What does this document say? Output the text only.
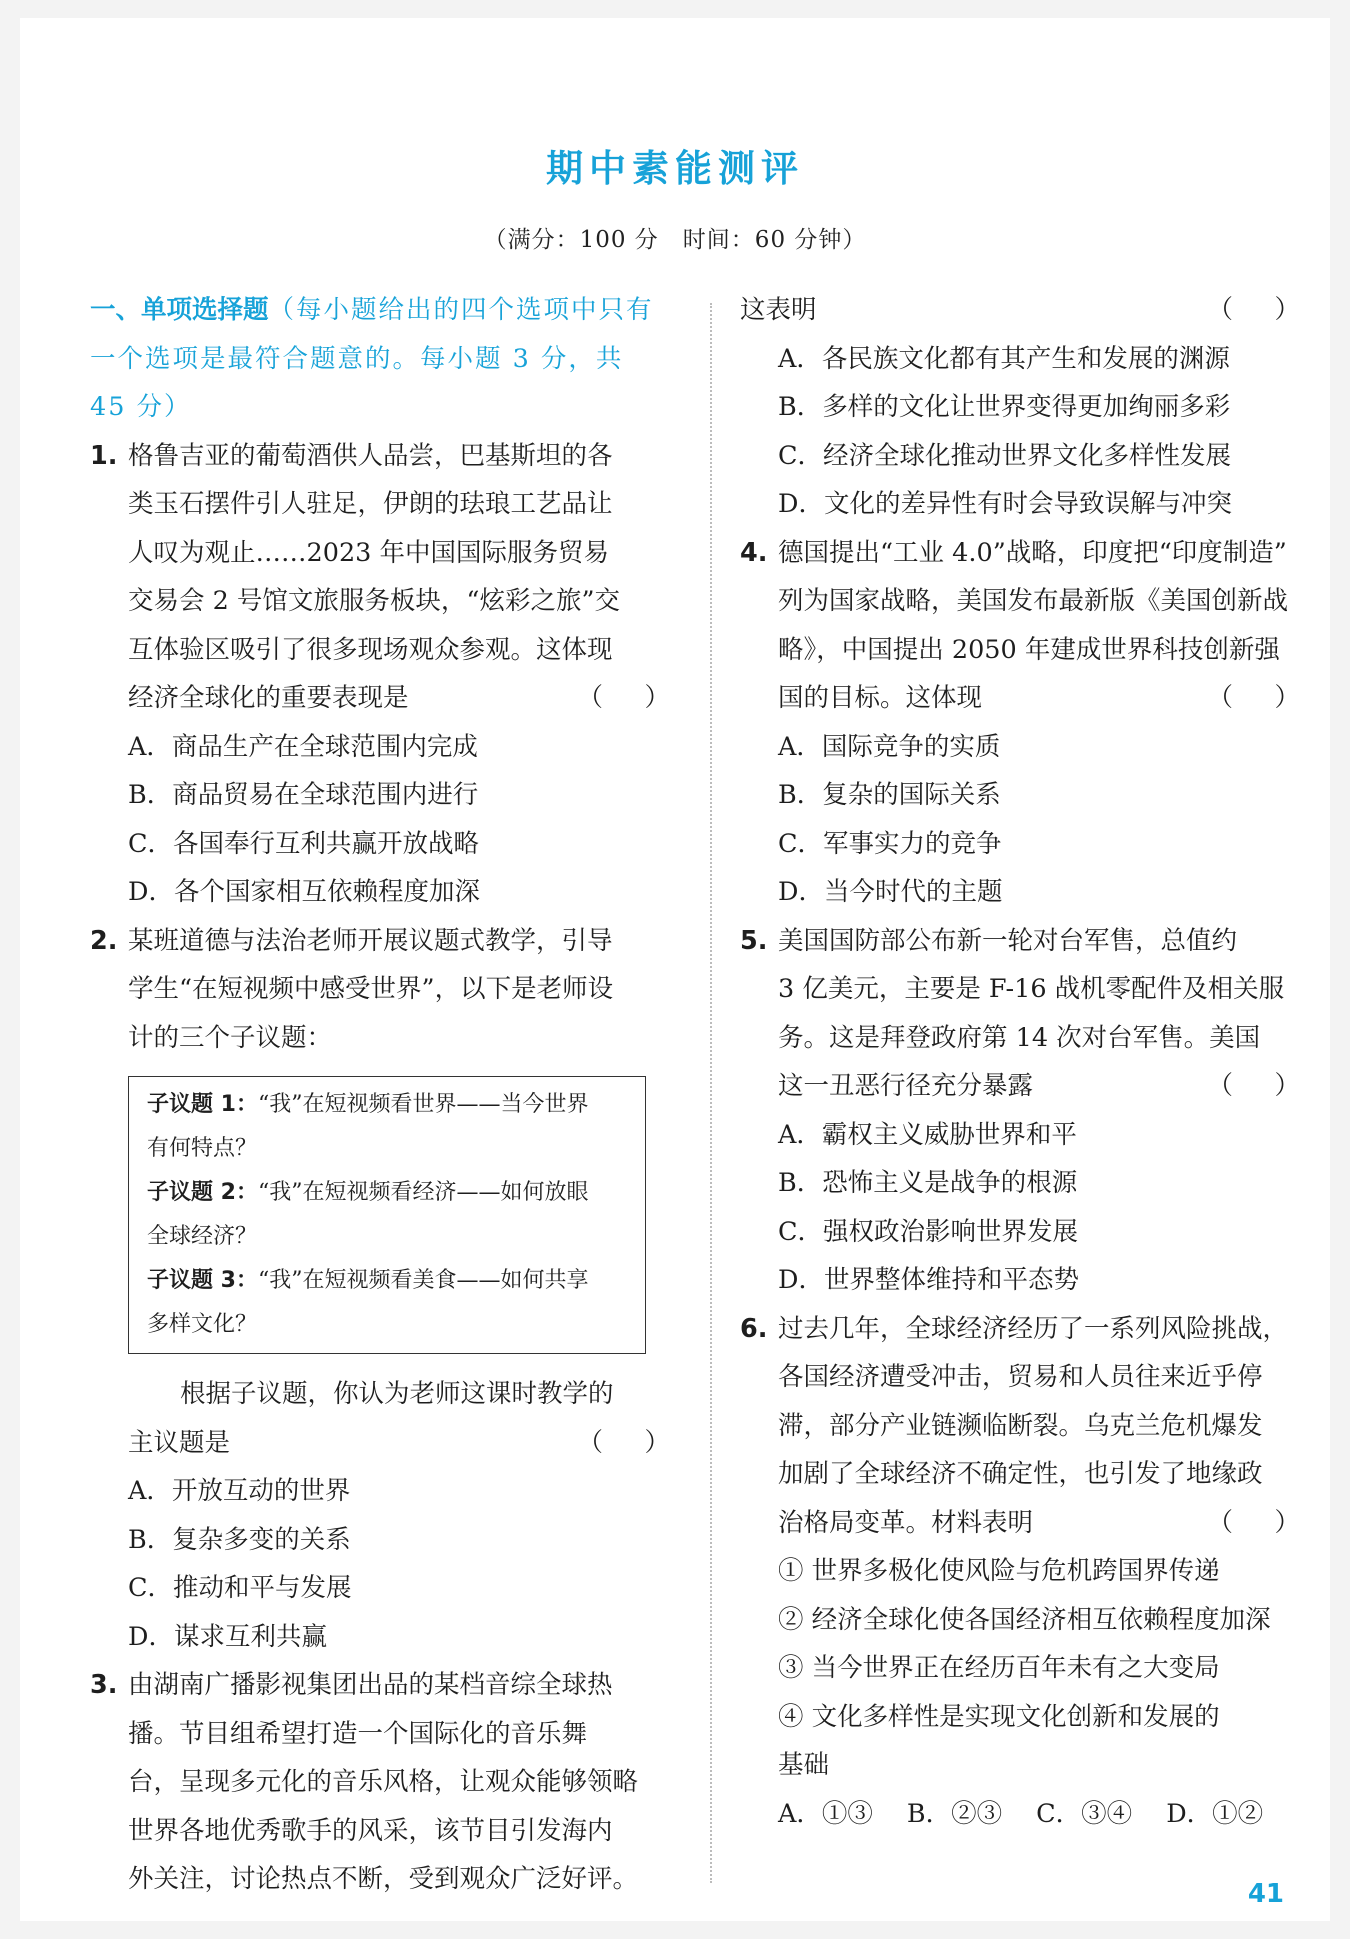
期中素能测评
（满分：100 分　时间：60 分钟）
一、单项选择题（每小题给出的四个选项中只有
一个选项是最符合题意的。每小题 3 分，共
45 分）
1. 格鲁吉亚的葡萄酒供人品尝，巴基斯坦的各
类玉石摆件引人驻足，伊朗的珐琅工艺品让
人叹为观止……2023 年中国国际服务贸易
交易会 2 号馆文旅服务板块，“炫彩之旅”交
互体验区吸引了很多现场观众参观。这体现
经济全球化的重要表现是	（　）
A．商品生产在全球范围内完成
B．商品贸易在全球范围内进行
C．各国奉行互利共赢开放战略
D．各个国家相互依赖程度加深
2. 某班道德与法治老师开展议题式教学，引导
学生“在短视频中感受世界”，以下是老师设
计的三个子议题：
子议题 1：“我”在短视频看世界——当今世界
有何特点？
子议题 2：“我”在短视频看经济——如何放眼
全球经济？
子议题 3：“我”在短视频看美食——如何共享
多样文化？
根据子议题，你认为老师这课时教学的
主议题是	（　）
A．开放互动的世界
B．复杂多变的关系
C．推动和平与发展
D．谋求互利共赢
3. 由湖南广播影视集团出品的某档音综全球热
播。节目组希望打造一个国际化的音乐舞
台，呈现多元化的音乐风格，让观众能够领略
世界各地优秀歌手的风采，该节目引发海内
外关注，讨论热点不断，受到观众广泛好评。
这表明	（　）
A．各民族文化都有其产生和发展的渊源
B．多样的文化让世界变得更加绚丽多彩
C．经济全球化推动世界文化多样性发展
D．文化的差异性有时会导致误解与冲突
4. 德国提出“工业 4.0”战略，印度把“印度制造”
列为国家战略，美国发布最新版《美国创新战
略》，中国提出 2050 年建成世界科技创新强
国的目标。这体现	（　）
A．国际竞争的实质
B．复杂的国际关系
C．军事实力的竞争
D．当今时代的主题
5. 美国国防部公布新一轮对台军售，总值约
3 亿美元，主要是 F-16 战机零配件及相关服
务。这是拜登政府第 14 次对台军售。美国
这一丑恶行径充分暴露	（　）
A．霸权主义威胁世界和平
B．恐怖主义是战争的根源
C．强权政治影响世界发展
D．世界整体维持和平态势
6. 过去几年，全球经济经历了一系列风险挑战，
各国经济遭受冲击，贸易和人员往来近乎停
滞，部分产业链濒临断裂。乌克兰危机爆发
加剧了全球经济不确定性，也引发了地缘政
治格局变革。材料表明	（　）
① 世界多极化使风险与危机跨国界传递
② 经济全球化使各国经济相互依赖程度加深
③ 当今世界正在经历百年未有之大变局
④ 文化多样性是实现文化创新和发展的
基础
A．①③ B．②③ C．③④ D．①②
41
